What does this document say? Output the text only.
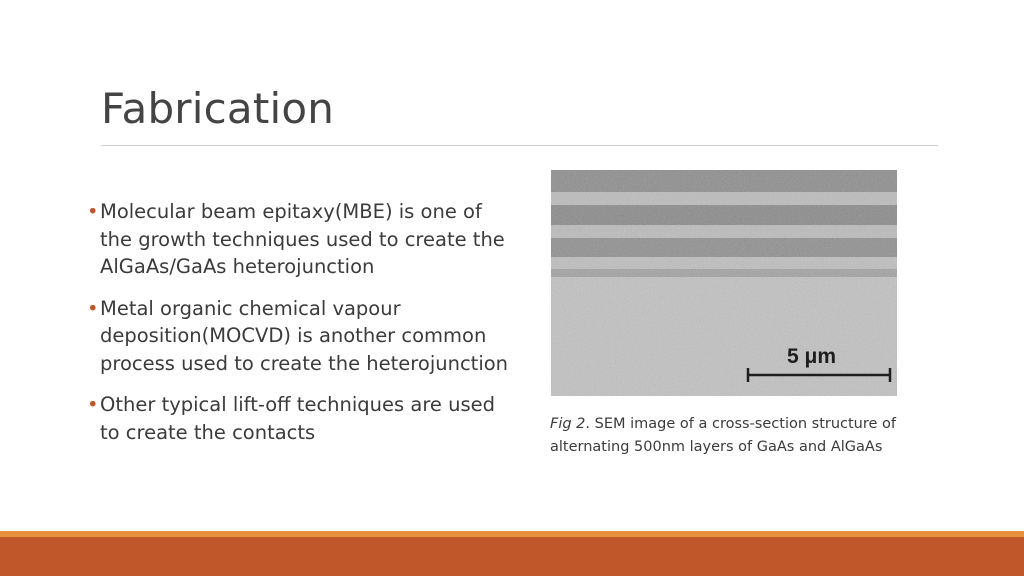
Fabrication
• Molecular beam epitaxy(MBE) is one of the growth techniques used to create the AlGaAs/GaAs heterojunction
• Metal organic chemical vapour deposition(MOCVD) is another common process used to create the heterojunction
• Other typical lift-off techniques are used to create the contacts
5 μm

Fig 2. SEM image of a cross-section structure of alternating 500nm layers of GaAs and AlGaAs
